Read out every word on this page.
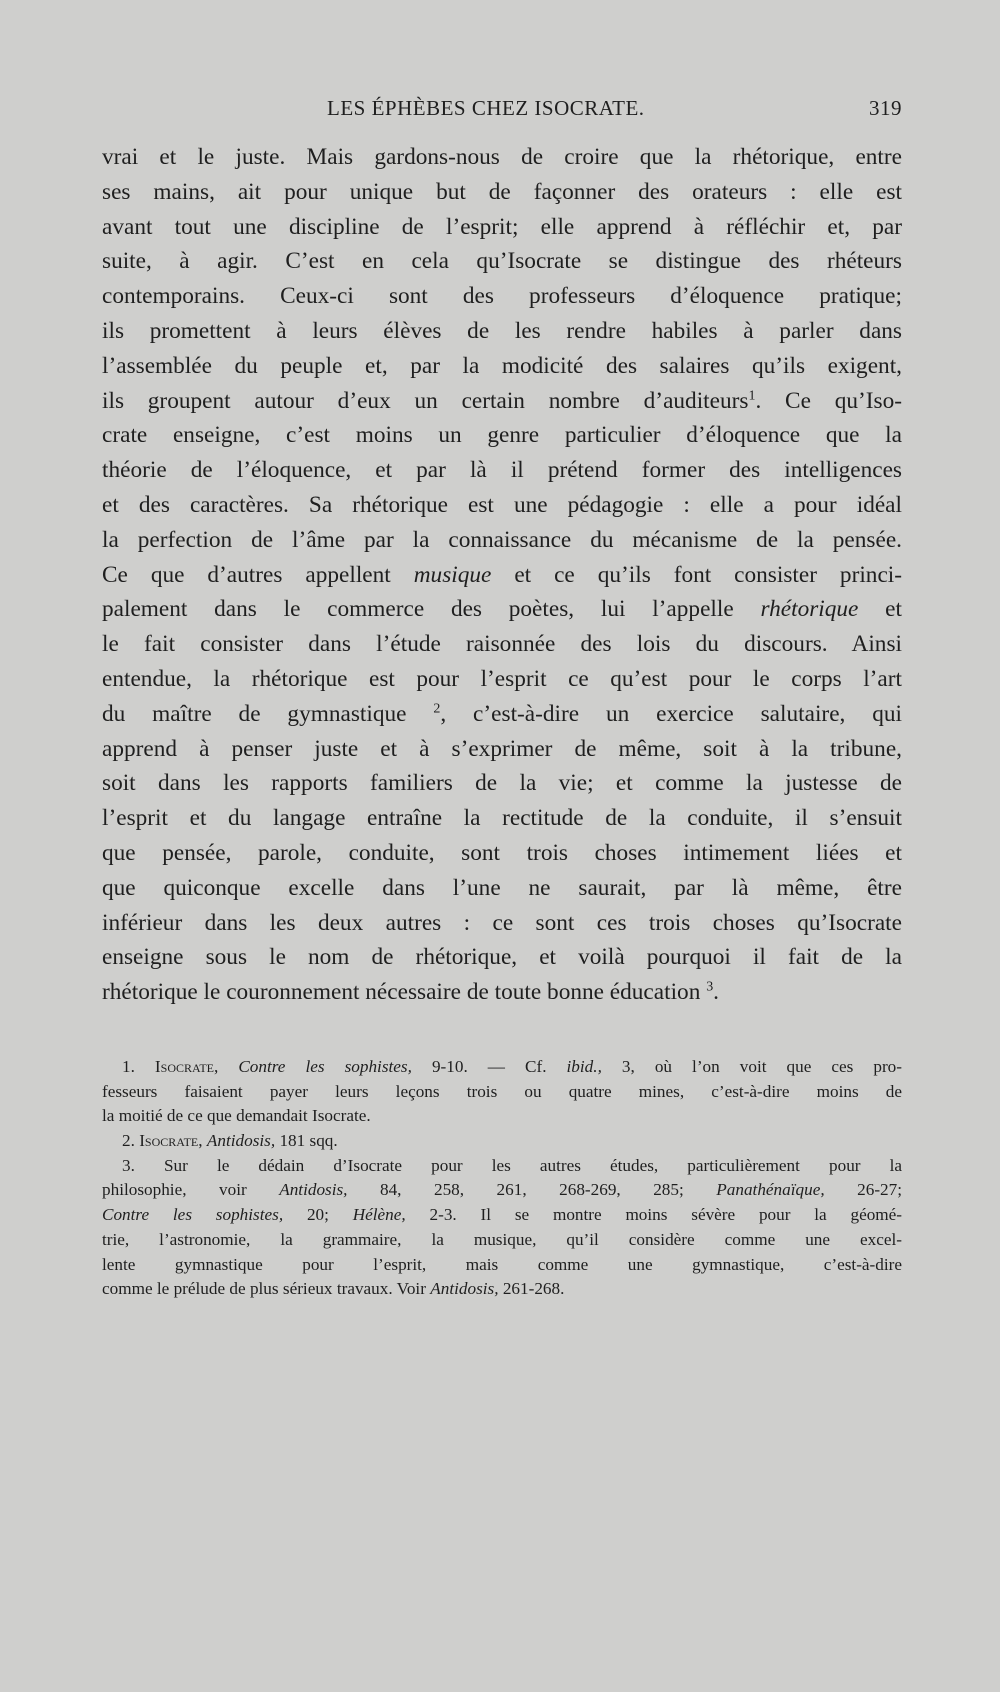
LES ÉPHÈBES CHEZ ISOCRATE.	319
vrai et le juste. Mais gardons-nous de croire que la rhétorique, entre
ses mains, ait pour unique but de façonner des orateurs : elle est
avant tout une discipline de l’esprit; elle apprend à réfléchir et, par
suite, à agir. C’est en cela qu’Isocrate se distingue des rhéteurs
contemporains. Ceux-ci sont des professeurs d’éloquence pratique;
ils promettent à leurs élèves de les rendre habiles à parler dans
l’assemblée du peuple et, par la modicité des salaires qu’ils exigent,
ils groupent autour d’eux un certain nombre d’auditeurs$^1$. Ce qu’Iso-
crate enseigne, c’est moins un genre particulier d’éloquence que la
théorie de l’éloquence, et par là il prétend former des intelligences
et des caractères. Sa rhétorique est une pédagogie : elle a pour idéal
la perfection de l’âme par la connaissance du mécanisme de la pensée.
Ce que d’autres appellent musique et ce qu’ils font consister princi-
palement dans le commerce des poètes, lui l’appelle rhétorique et
le fait consister dans l’étude raisonnée des lois du discours. Ainsi
entendue, la rhétorique est pour l’esprit ce qu’est pour le corps l’art
du maître de gymnastique $^2$, c’est-à-dire un exercice salutaire, qui
apprend à penser juste et à s’exprimer de même, soit à la tribune,
soit dans les rapports familiers de la vie; et comme la justesse de
l’esprit et du langage entraîne la rectitude de la conduite, il s’ensuit
que pensée, parole, conduite, sont trois choses intimement liées et
que quiconque excelle dans l’une ne saurait, par là même, être
inférieur dans les deux autres : ce sont ces trois choses qu’Isocrate
enseigne sous le nom de rhétorique, et voilà pourquoi il fait de la
rhétorique le couronnement nécessaire de toute bonne éducation $^3$.
1. Isocrate, Contre les sophistes, 9-10. — Cf. ibid., 3, où l’on voit que ces pro-
fesseurs faisaient payer leurs leçons trois ou quatre mines, c’est-à-dire moins de
la moitié de ce que demandait Isocrate.
2. Isocrate, Antidosis, 181 sqq.
3. Sur le dédain d’Isocrate pour les autres études, particulièrement pour la
philosophie, voir Antidosis, 84, 258, 261, 268-269, 285; Panathénaïque, 26-27;
Contre les sophistes, 20; Hélène, 2-3. Il se montre moins sévère pour la géomé-
trie, l’astronomie, la grammaire, la musique, qu’il considère comme une excel-
lente gymnastique pour l’esprit, mais comme une gymnastique, c’est-à-dire
comme le prélude de plus sérieux travaux. Voir Antidosis, 261-268.
